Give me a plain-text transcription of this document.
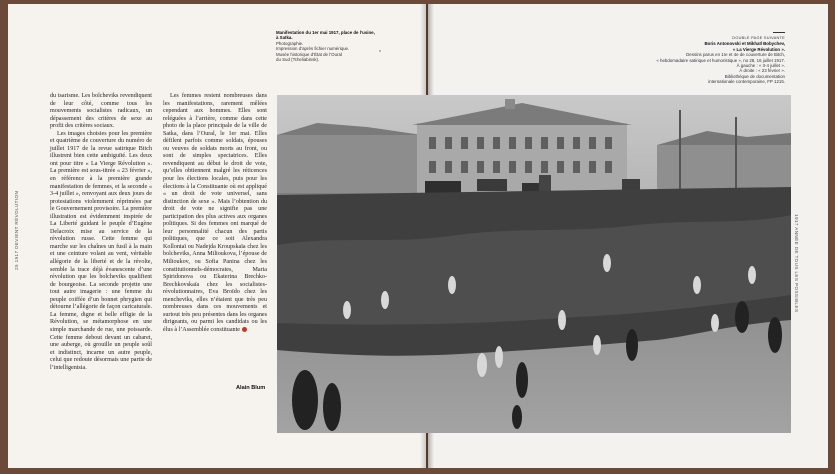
25 1917 DEVIENT RÉVOLUTION	1917 ANNÉE DE TOUS LES POSSIBLES
Manifestation du 1er mai 1917, place de l’usine, à Satka.
Photographie.
Impression d’après fichier numérique.
Musée historique d’État de l’Oural
du Sud (Tcheliabinsk).
s
DOUBLE PAGE SUIVANTE
Boris Antonovski et Mikhaïl Bobychev,
« La Vierge Révolution ».
Dessins parus en 1re et 4e de couverture de Bitch,
« hebdomadaire satirique et humoristique », no 28, 16 juillet 1917.
À gauche : « 3-4 juillet ».
À droite : « 23 février ».
Bibliothèque de documentation
internationale contemporaine, FP 1215.

du tsarisme. Les bolcheviks revendiquent de leur côté, comme tous les mouvements socialistes radicaux, un dépassement des critères de sexe au profit des critères sociaux.

Les images choisies pour les première et quatrième de couverture du numéro de juillet 1917 de la revue satirique Bitch illustrent bien cette ambiguïté. Les deux ont pour titre « La Vierge Révolution ». La première est sous-titrée « 23 février », en référence à la première grande manifestation de femmes, et la seconde « 3-4 juillet », renvoyant aux deux jours de protestations violemment réprimées par le Gouvernement provisoire. La première illustration est évidemment inspirée de La Liberté guidant le peuple d’Eugène Delacroix mise au service de la révolution russe. Cette femme qui marche sur les chaînes un fusil à la main et une ceinture volant au vent, véritable allégorie de la liberté et de la révolte, semble la trace déjà évanescente d’une révolution que les bolcheviks qualifient de bourgeoise. La seconde projette une tout autre imagerie : une femme du peuple coiffée d’un bonnet phrygien qui détourne l’allégorie de façon caricaturale. La femme, digne et belle effigie de la Révolution, se métamorphose en une simple marchande de rue, une poissarde. Cette femme debout devant un cabaret, une auberge, où grouille un peuple soûl et indistinct, incarne un autre peuple, celui que redoute désormais une partie de l’intelligentsia.

Les femmes restent nombreuses dans les manifestations, rarement mêlées cependant aux hommes. Elles sont reléguées à l’arrière, comme dans cette photo de la place principale de la ville de Satka, dans l’Oural, le 1er mai. Elles défilent parfois comme soldats, épouses ou veuves de soldats morts au front, ou sont de simples spectatrices. Elles revendiquent au début le droit de vote, qu’elles obtiennent malgré les réticences pour les élections locales, puis pour les élections à la Constituante où est appliqué « un droit de vote universel, sans distinction de sexe ». Mais l’obtention du droit de vote ne signifie pas une participation des plus actives aux organes politiques. Si des femmes ont marqué de leur personnalité chacun des partis politiques, que ce soit Alexandra Kollontaï ou Nadejda Kroupskaïa chez les bolcheviks, Anna Milioukova, l’épouse de Milioukov, ou Sofia Panina chez les constitutionnels-démocrates, Maria Spiridonova ou Ekaterina Brechko-Brechkovskaïa chez les socialistes-révolutionnaires, Eva Broïdo chez les mencheviks, elles n’étaient que très peu nombreuses dans ces mouvements et surtout très peu présentes dans les organes dirigeants, ou parmi les candidats ou les élus à l’Assemblée constituante

Alain Blum
